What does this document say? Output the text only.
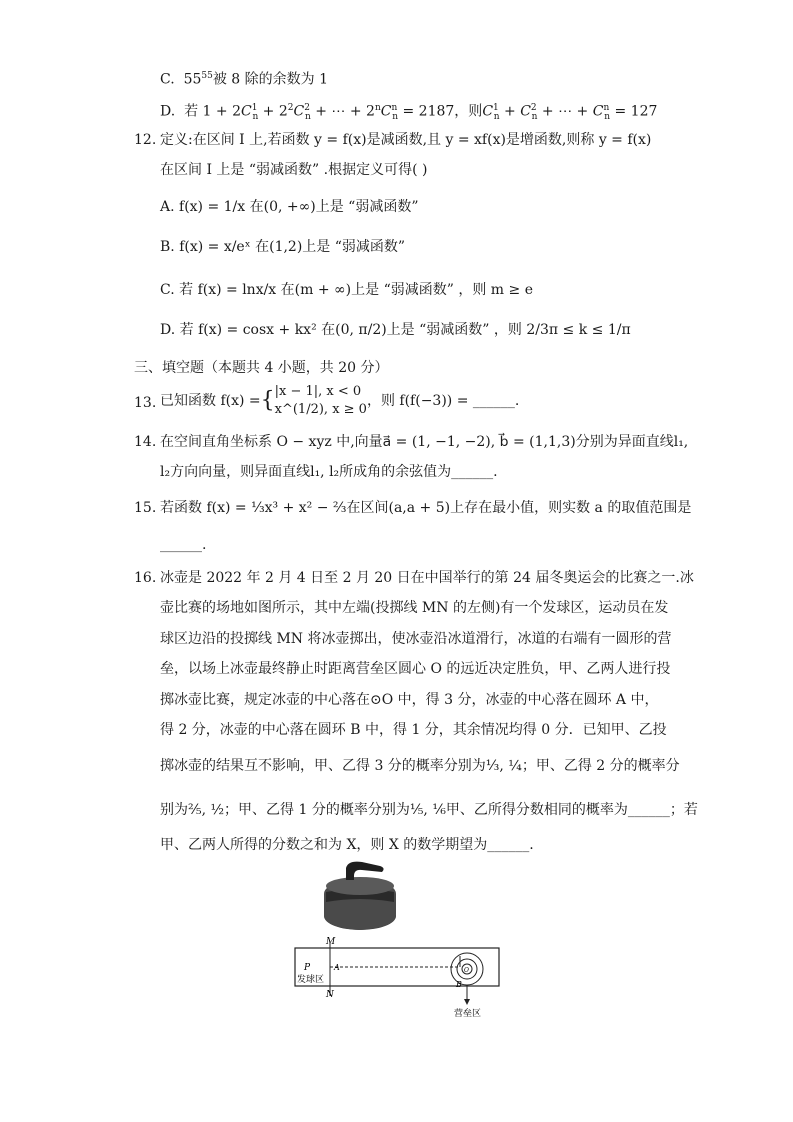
C.  $55^{55}$被 8 除的余数为 1
D.  若 $1 + 2C^1_n + 2^2C^2_n$ + ⋯ + $2^nC^n_n = 2187$，则$C^1_n + C^2_n$ + ⋯ + $C^n_n = 127$
12. 定义:在区间 I 上,若函数 y = f(x)是减函数,且 y = xf(x)是增函数,则称 y = f(x)
在区间 I 上是 “弱减函数” .根据定义可得( )
A. f(x) = 1/x 在(0, +∞)上是 “弱减函数”
B. f(x) = x/eˣ 在(1,2)上是 “弱减函数”
C. 若 f(x) = lnx/x 在(m + ∞)上是 “弱减函数” ，则 m ≥ e
D. 若 f(x) = cosx + kx² 在(0, π/2)上是 “弱减函数” ，则 2/3π ≤ k ≤ 1/π
三、填空题（本题共 4 小题，共 20 分）
13. 已知函数 f(x) ={ |x − 1|, x < 0
x^(1/2), x ≥ 0
，则 f(f(−3)) = ______.
14. 在空间直角坐标系 O − xyz 中,向量a⃗ = (1, −1, −2), b⃗ = (1,1,3)分别为异面直线l₁,
l₂方向向量，则异面直线l₁, l₂所成角的余弦值为______.
15. 若函数 f(x) = ⅓x³ + x² − ⅔在区间(a,a + 5)上存在最小值，则实数 a 的取值范围是
______.
16. 冰壶是 2022 年 2 月 4 日至 2 月 20 日在中国举行的第 24 届冬奥运会的比赛之一.冰
壶比赛的场地如图所示，其中左端(投掷线 MN 的左侧)有一个发球区，运动员在发
球区边沿的投掷线 MN 将冰壶掷出，使冰壶沿冰道滑行，冰道的右端有一圆形的营
垒，以场上冰壶最终静止时距离营垒区圆心 O 的远近决定胜负，甲、乙两人进行投
掷冰壶比赛，规定冰壶的中心落在⊙O 中，得 3 分，冰壶的中心落在圆环 A 中，
得 2 分，冰壶的中心落在圆环 B 中，得 1 分，其余情况均得 0 分．已知甲、乙投
掷冰壶的结果互不影响，甲、乙得 3 分的概率分别为⅓, ¼；甲、乙得 2 分的概率分
别为⅖, ½；甲、乙得 1 分的概率分别为⅕, ⅙甲、乙所得分数相同的概率为______；若
甲、乙两人所得的分数之和为 X，则 X 的数学期望为______.
M
N
P	A
B
O
发球区
营垒区
